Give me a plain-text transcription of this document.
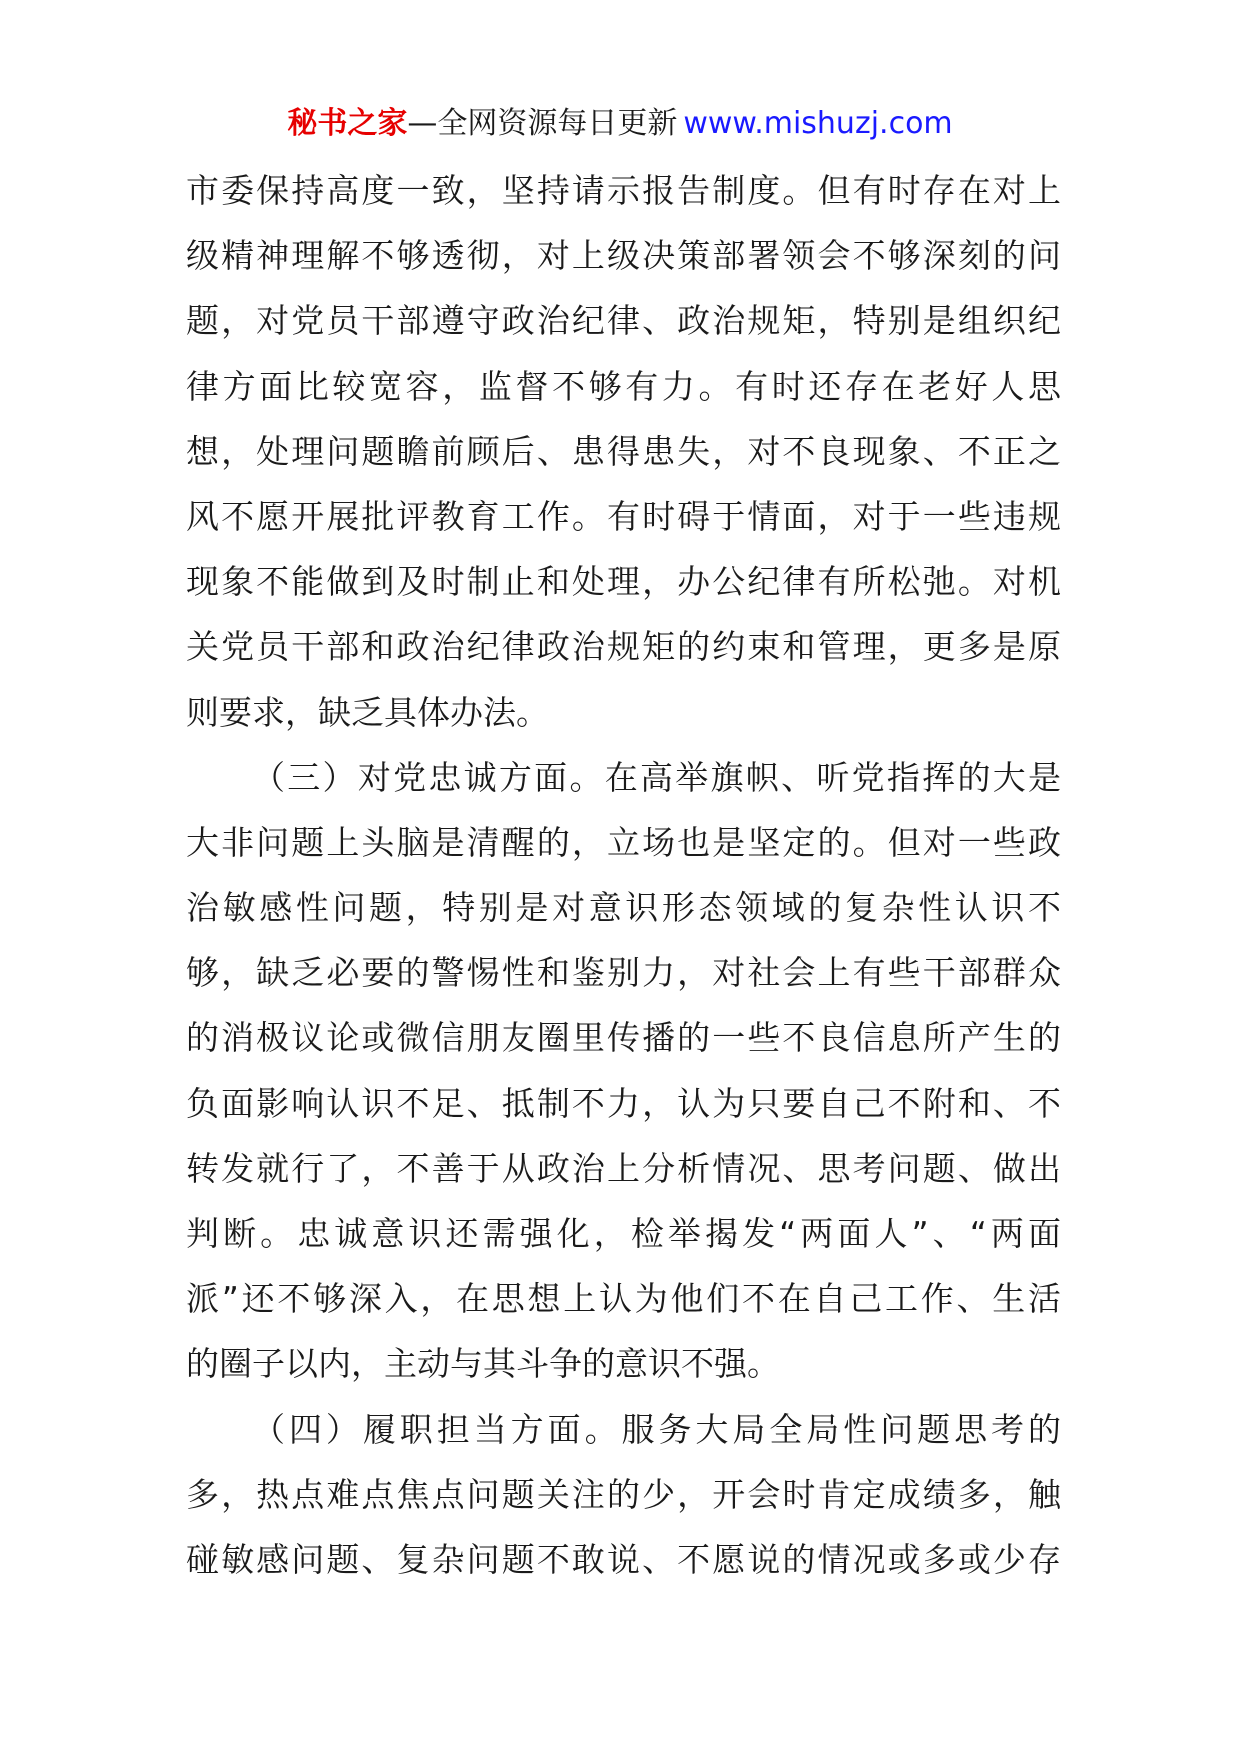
秘书之家—全网资源每日更新 www.mishuzj.com
市委保持高度一致，坚持请示报告制度。但有时存在对上
级精神理解不够透彻，对上级决策部署领会不够深刻的问
题，对党员干部遵守政治纪律、政治规矩，特别是组织纪
律方面比较宽容，监督不够有力。有时还存在老好人思
想，处理问题瞻前顾后、患得患失，对不良现象、不正之
风不愿开展批评教育工作。有时碍于情面，对于一些违规
现象不能做到及时制止和处理，办公纪律有所松弛。对机
关党员干部和政治纪律政治规矩的约束和管理，更多是原
则要求，缺乏具体办法。
（三）对党忠诚方面。在高举旗帜、听党指挥的大是
大非问题上头脑是清醒的，立场也是坚定的。但对一些政
治敏感性问题，特别是对意识形态领域的复杂性认识不
够，缺乏必要的警惕性和鉴别力，对社会上有些干部群众
的消极议论或微信朋友圈里传播的一些不良信息所产生的
负面影响认识不足、抵制不力，认为只要自己不附和、不
转发就行了，不善于从政治上分析情况、思考问题、做出
判断。忠诚意识还需强化，检举揭发“两面人”、“两面
派”还不够深入，在思想上认为他们不在自己工作、生活
的圈子以内，主动与其斗争的意识不强。
（四）履职担当方面。服务大局全局性问题思考的
多，热点难点焦点问题关注的少，开会时肯定成绩多，触
碰敏感问题、复杂问题不敢说、不愿说的情况或多或少存
